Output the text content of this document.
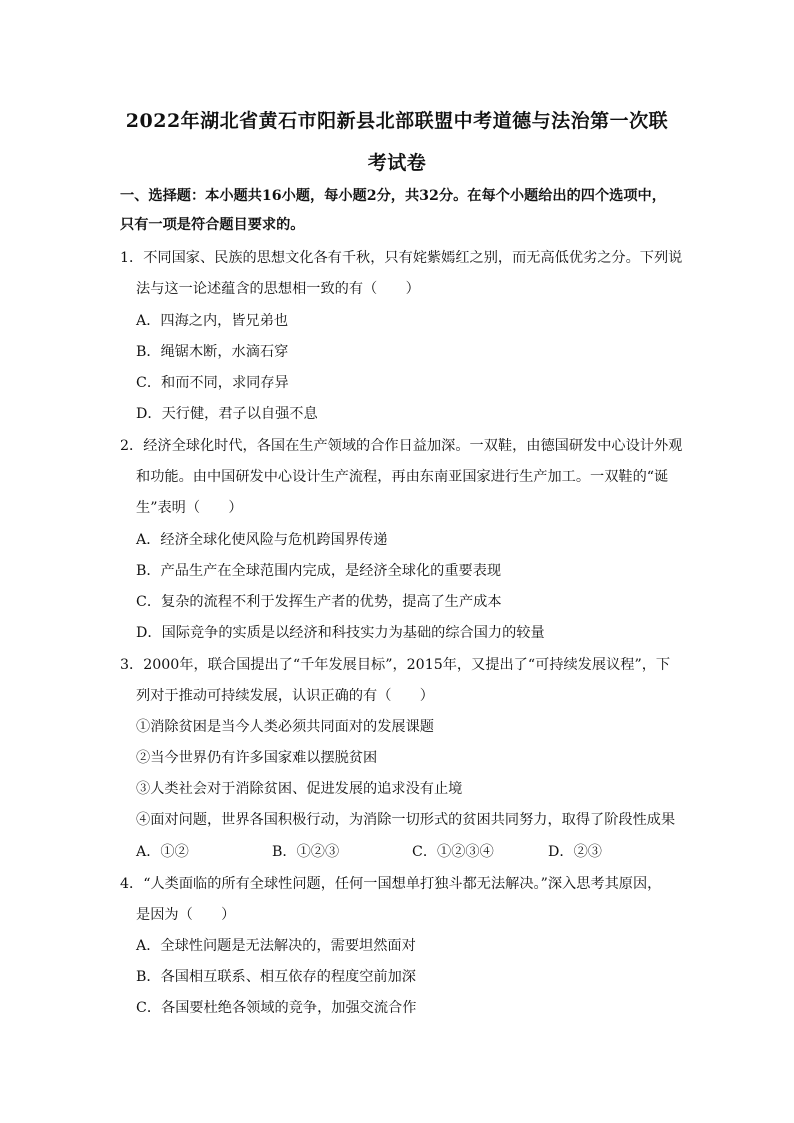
2022年湖北省黄石市阳新县北部联盟中考道德与法治第一次联
考试卷
一、选择题：本小题共16小题，每小题2分，共32分。在每个小题给出的四个选项中，
只有一项是符合题目要求的。
1．不同国家、民族的思想文化各有千秋，只有姹紫嫣红之别，而无高低优劣之分。下列说
法与这一论述蕴含的思想相一致的有（　　）
A．四海之内，皆兄弟也
B．绳锯木断，水滴石穿
C．和而不同，求同存异
D．天行健，君子以自强不息
2．经济全球化时代，各国在生产领域的合作日益加深。一双鞋，由德国研发中心设计外观
和功能。由中国研发中心设计生产流程，再由东南亚国家进行生产加工。一双鞋的“诞
生”表明（　　）
A．经济全球化使风险与危机跨国界传递
B．产品生产在全球范围内完成，是经济全球化的重要表现
C．复杂的流程不利于发挥生产者的优势，提高了生产成本
D．国际竞争的实质是以经济和科技实力为基础的综合国力的较量
3．2000年，联合国提出了“千年发展目标”，2015年，又提出了“可持续发展议程”，下
列对于推动可持续发展，认识正确的有（　　）
①消除贫困是当今人类必须共同面对的发展课题
②当今世界仍有许多国家难以摆脱贫困
③人类社会对于消除贫困、促进发展的追求没有止境
④面对问题，世界各国积极行动，为消除一切形式的贫困共同努力，取得了阶段性成果
A．①②	B．①②③	C．①②③④	D．②③
4．“人类面临的所有全球性问题，任何一国想单打独斗都无法解决。”深入思考其原因，
是因为（　　）
A．全球性问题是无法解决的，需要坦然面对
B．各国相互联系、相互依存的程度空前加深
C．各国要杜绝各领域的竞争，加强交流合作
